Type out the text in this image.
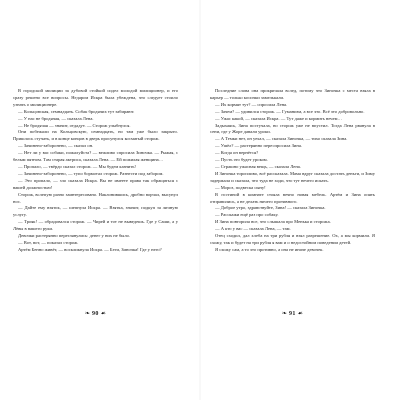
В городской милиции за дубовой стойкой сидел молодой милиционер, и его сразу решено все вопросы. Недаром Искра была убеждена, что следует стоило узнать о милиционере.

— Кольцовская, семнадцать. Собак бродячих тут забирают.

— У нас не бродячая, — сказала Лена.

— Не бродячая — значит, отдадут. — Сторож улыбнулся.

Они побежали на Кольцовскую, семнадцать, но там уже было закрыто. Пришлось стучать, и в конце концов в дверь просунулся косматый сторож.

— Зачинено-заборонено, — сказал он.

— Нет ли у вас собаки, пожалуйста? — вежливо спросила Зиночка. — Рыжая, с белым пятном. Там старая актриса, сказала Лена. — Ей пожилая женщина…

— Пропало, — твёрдо сказал сторож. — Мы будем казнить!

— Зачинено-заборонено, — тупо бормотал сторож. Разнести под забором.

— Это пропало, — зло сказала Искра. Вы не имеете права так обращаться с вашей должностью!

Сторож, вслепую разно заинтересовано. Наклонившись, дробно ворчал, высунул нос.

— Дайте ему взяток, — шепнула Искра. — Взятка, значит, подкуп за личную услугу.

— Трояк! — обрадовался сторож. — Чирей и тот не выведешь. Где у Саши, а у Лёвы в вашего руки.

Девочки растерянно переглянулись: денег у них не было.

— Вот, вот, — показал сторож.

Артём Бенно живёт, — воскликнула Искра. — Беги, Зиночка! Где у него?

Последние слова она прокричала вслед, потому что Зиночка с места взяла в карьер — только косички замелькали.

— Их кормят тут? — спросила Лена.

— Зачем? — удивился сторож. — Гуманизм, а все это. Всё это добровольно.

— Ужас какой, — сказала Искра. — Тут даже и кормить нечем…

Задыхаясь, Зина постучала, но сторож уже не впустил. Тогда Лена рванула в сени, где у Жоре давали уроки.

— А Темки нет, он уехал, — сказала Зиночка, — тихо сказала Зина.

— Ушёл? — растерянно переспросила Зина.

— Когда он вернётся?

— Пусть это будет уроком.

— Страшно ужасная вещь, — сказала Лена.

И Зиночка торопливо, всё рассказала. Мама вдруг сказала достать деньги, и Зиму задержала и сказала, что туда не ходи, что тут нечего искать.

— Мороз, подвеска сыну!

В гостиной в комнате стояла вечно новая мебель. Артём и Зина опять отправились, а не делать ничего противного.

— Доброе утро, здравствуйте, Зина! — сказала Зиночка.

— Расскажи ещё раз про собаку.

И Зина повторила все, что слышала про Менька и сторожа.

— А кто у вас — сказала Лена, — там.

Отец сходил, дал хлеба на три рубля и взял разрешение. Ох, а мы кормили. Я схожу, так и будет на три рубля я вам и о недостойном поведении детей.

Я схожу сам, а то это противно, а она не иначе девочек.

❧ 90 ☙	❧ 91 ☙
